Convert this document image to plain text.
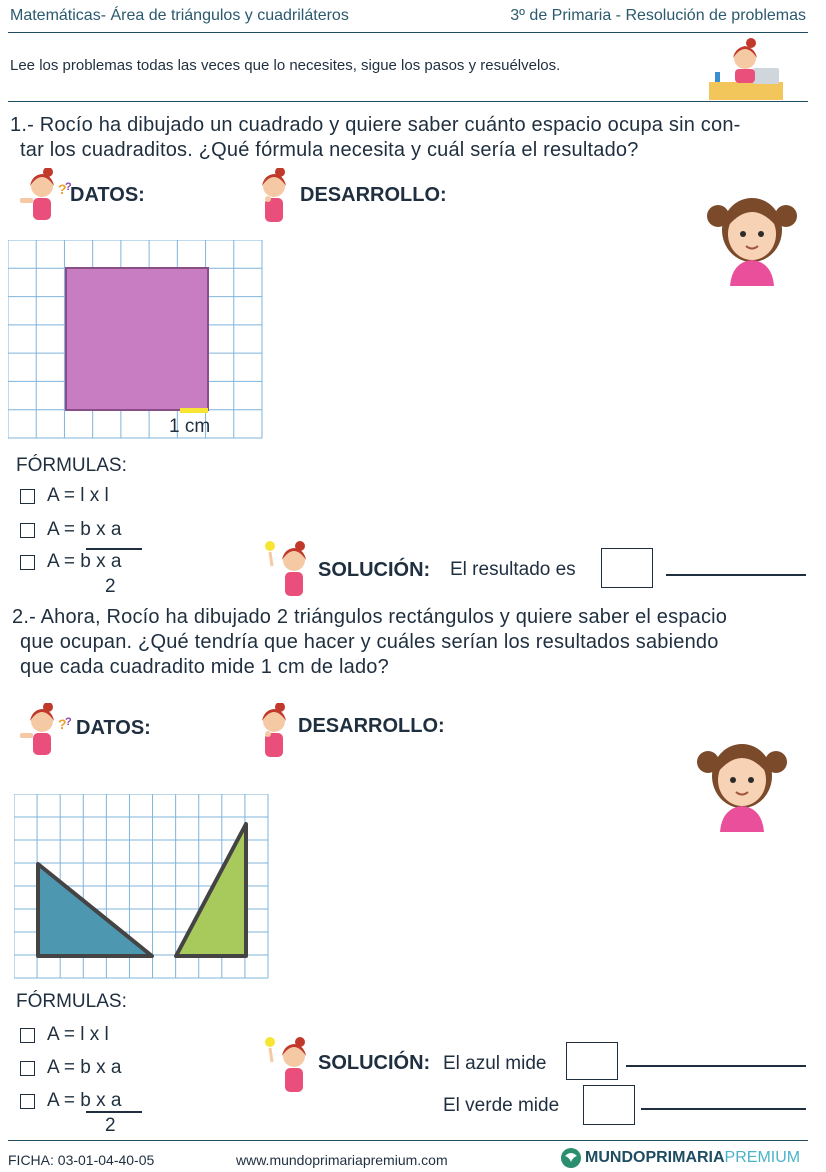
Matemáticas- Área de triángulos y cuadriláteros	3º de Primaria - Resolución de problemas
Lee los problemas todas las veces que lo necesites, sigue los pasos y resuélvelos.
1.- Rocío ha dibujado un cuadrado y quiere saber cuánto espacio ocupa sin con-
tar los cuadraditos. ¿Qué fórmula necesita y cuál sería el resultado?
?
?
DATOS:	DESARROLLO:
1 cm
FÓRMULAS:
A = l x l
A = b x a
A = b x a
2
SOLUCIÓN: El resultado es
2.- Ahora, Rocío ha dibujado 2 triángulos rectángulos y quiere saber el espacio
que ocupan. ¿Qué tendría que hacer y cuáles serían los resultados sabiendo
que cada cuadradito mide 1 cm de lado?
?
? DATOS:	DESARROLLO:
FÓRMULAS:
A = l x l
A = b x a
A = b x a
2
SOLUCIÓN: El azul mide
El verde mide
FICHA: 03-01-04-40-05	www.mundoprimariapremium.com	MUNDOPRIMARIAPREMIUM
